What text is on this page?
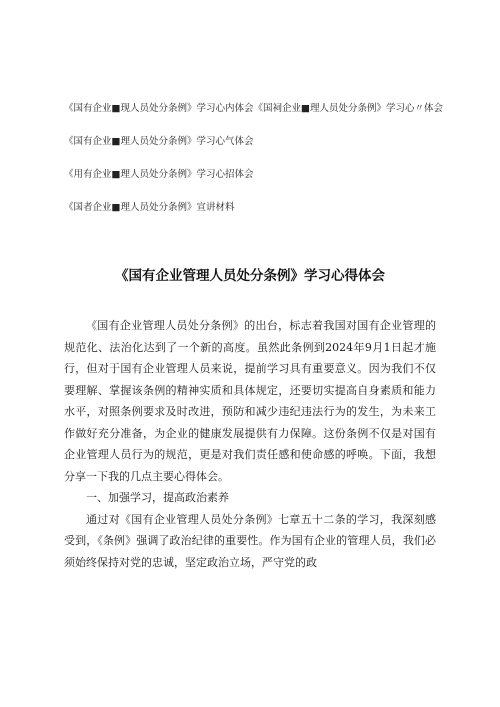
《国有企业■现人员处分条例》学习心内体会《国祠企业■理人员处分条例》学习心〃体会
《国有企业■理人员处分条例》学习心气体会
《用有企业■理人员处分条例》学习心招体会
《国者企业■理人员处分条例》宣讲材料
《国有企业管理人员处分条例》学习心得体会

《国有企业管理人员处分条例》的出台，标志着我国对国有企业管理的规范化、法治化达到了一个新的高度。虽然此条例到2024年9月1日起才施行，但对于国有企业管理人员来说，提前学习具有重要意义。因为我们不仅要理解、掌握该条例的精神实质和具体规定，还要切实提高自身素质和能力水平，对照条例要求及时改进，预防和减少违纪违法行为的发生，为未来工作做好充分准备，为企业的健康发展提供有力保障。这份条例不仅是对国有企业管理人员行为的规范，更是对我们责任感和使命感的呼唤。下面，我想分享一下我的几点主要心得体会。

一、加强学习，提高政治素养

通过对《国有企业管理人员处分条例》七章五十二条的学习，我深刻感受到，《条例》强调了政治纪律的重要性。作为国有企业的管理人员，我们必须始终保持对党的忠诚，坚定政治立场，严守党的政
